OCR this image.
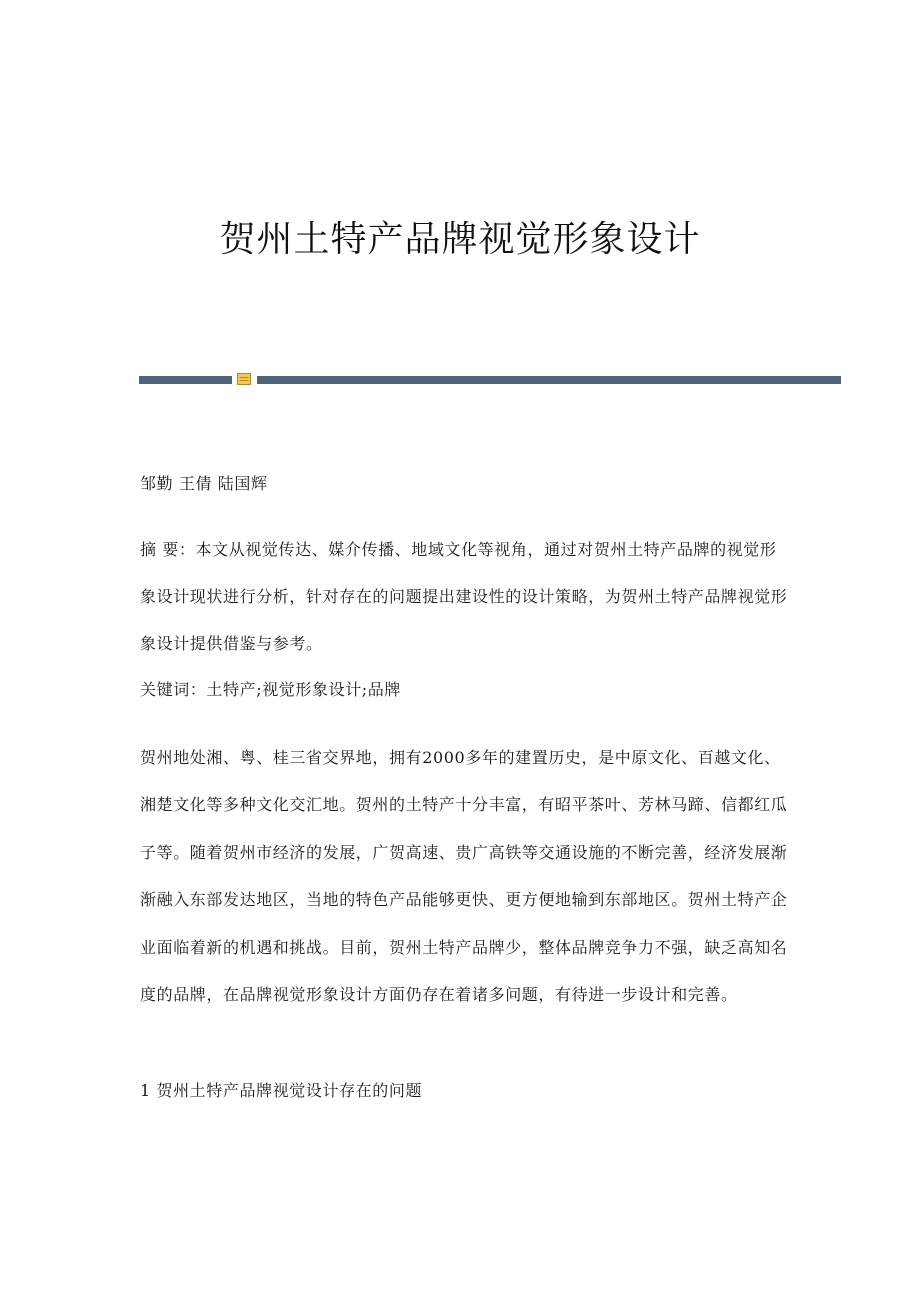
贺州土特产品牌视觉形象设计
邹勤 王倩 陆国辉
摘 要：本文从视觉传达、媒介传播、地域文化等视角，通过对贺州土特产品牌的视觉形象设计现状进行分析，针对存在的问题提出建设性的设计策略，为贺州土特产品牌视觉形象设计提供借鉴与参考。
关键词：土特产;视觉形象设计;品牌
贺州地处湘、粤、桂三省交界地，拥有2000多年的建置历史，是中原文化、百越文化、湘楚文化等多种文化交汇地。贺州的土特产十分丰富，有昭平茶叶、芳林马蹄、信都红瓜子等。随着贺州市经济的发展，广贺高速、贵广高铁等交通设施的不断完善，经济发展渐渐融入东部发达地区，当地的特色产品能够更快、更方便地输到东部地区。贺州土特产企业面临着新的机遇和挑战。目前，贺州土特产品牌少，整体品牌竞争力不强，缺乏高知名度的品牌，在品牌视觉形象设计方面仍存在着诸多问题，有待进一步设计和完善。
1 贺州土特产品牌视觉设计存在的问题
